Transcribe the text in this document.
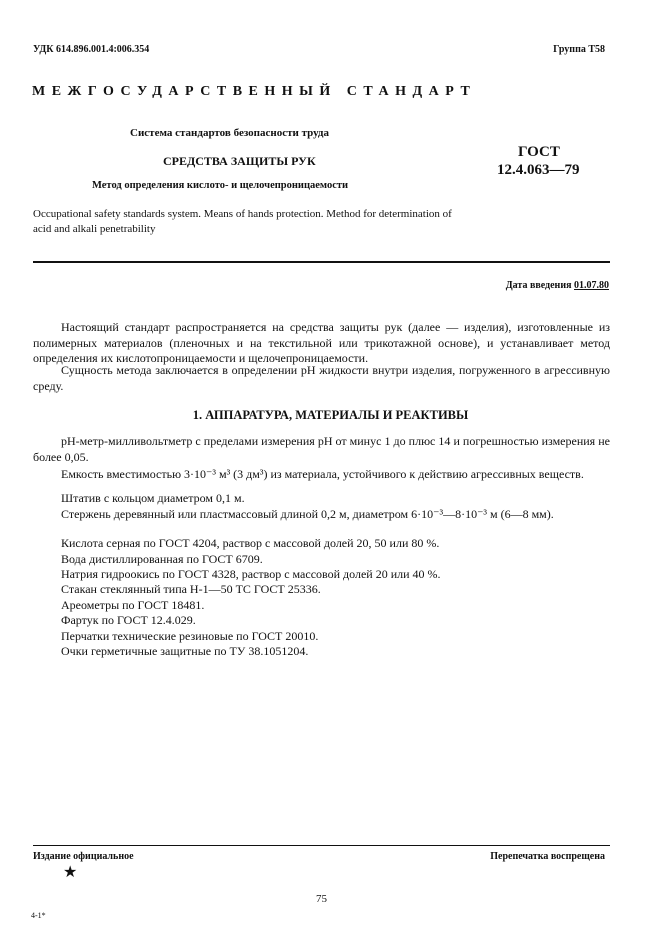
УДК 614.896.001.4:006.354	Группа Т58
МЕЖГОСУДАРСТВЕННЫЙ СТАНДАРТ
Система стандартов безопасности труда
СРЕДСТВА ЗАЩИТЫ РУК
Метод определения кислото- и щелочепроницаемости
ГОСТ
12.4.063—79
Occupational safety standards system. Means of hands protection. Method for determination of acid and alkali penetrability
Дата введения 01.07.80
Настоящий стандарт распространяется на средства защиты рук (далее — изделия), изготовленные из полимерных материалов (пленочных и на текстильной или трикотажной основе), и устанавливает метод определения их кислотопроницаемости и щелочепроницаемости.
Сущность метода заключается в определении рН жидкости внутри изделия, погруженного в агрессивную среду.
1. АППАРАТУРА, МАТЕРИАЛЫ И РЕАКТИВЫ
рН-метр-милливольтметр с пределами измерения рН от минус 1 до плюс 14 и погрешностью измерения не более 0,05.
Емкость вместимостью 3·10⁻³ м³ (3 дм³) из материала, устойчивого к действию агрессивных веществ.
Штатив с кольцом диаметром 0,1 м.
Стержень деревянный или пластмассовый длиной 0,2 м, диаметром 6·10⁻³—8·10⁻³ м (6—8 мм).
Кислота серная по ГОСТ 4204, раствор с массовой долей 20, 50 или 80 %.
Вода дистиллированная по ГОСТ 6709.
Натрия гидроокись по ГОСТ 4328, раствор с массовой долей 20 или 40 %.
Стакан стеклянный типа Н-1—50 ТС ГОСТ 25336.
Ареометры по ГОСТ 18481.
Фартук по ГОСТ 12.4.029.
Перчатки технические резиновые по ГОСТ 20010.
Очки герметичные защитные по ТУ 38.1051204.
Издание официальное
★
Перепечатка воспрещена
75
4-1*
